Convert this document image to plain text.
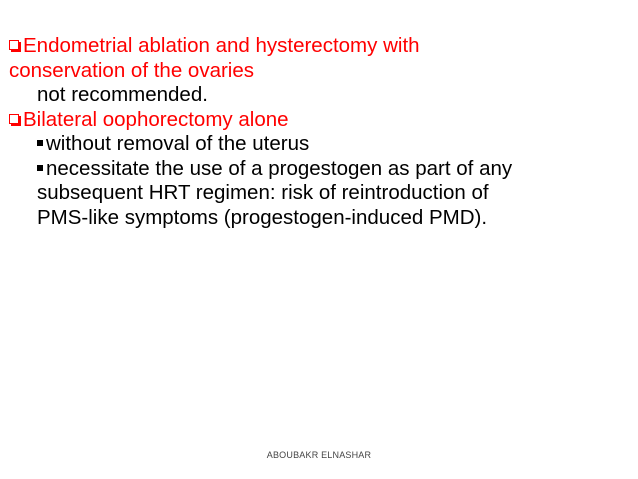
Endometrial ablation and hysterectomy with
conservation of the ovaries
not recommended.
Bilateral oophorectomy alone
without removal of the uterus
necessitate the use of a progestogen as part of any
subsequent HRT regimen: risk of reintroduction of
PMS-like symptoms (progestogen-induced PMD).
ABOUBAKR ELNASHAR
